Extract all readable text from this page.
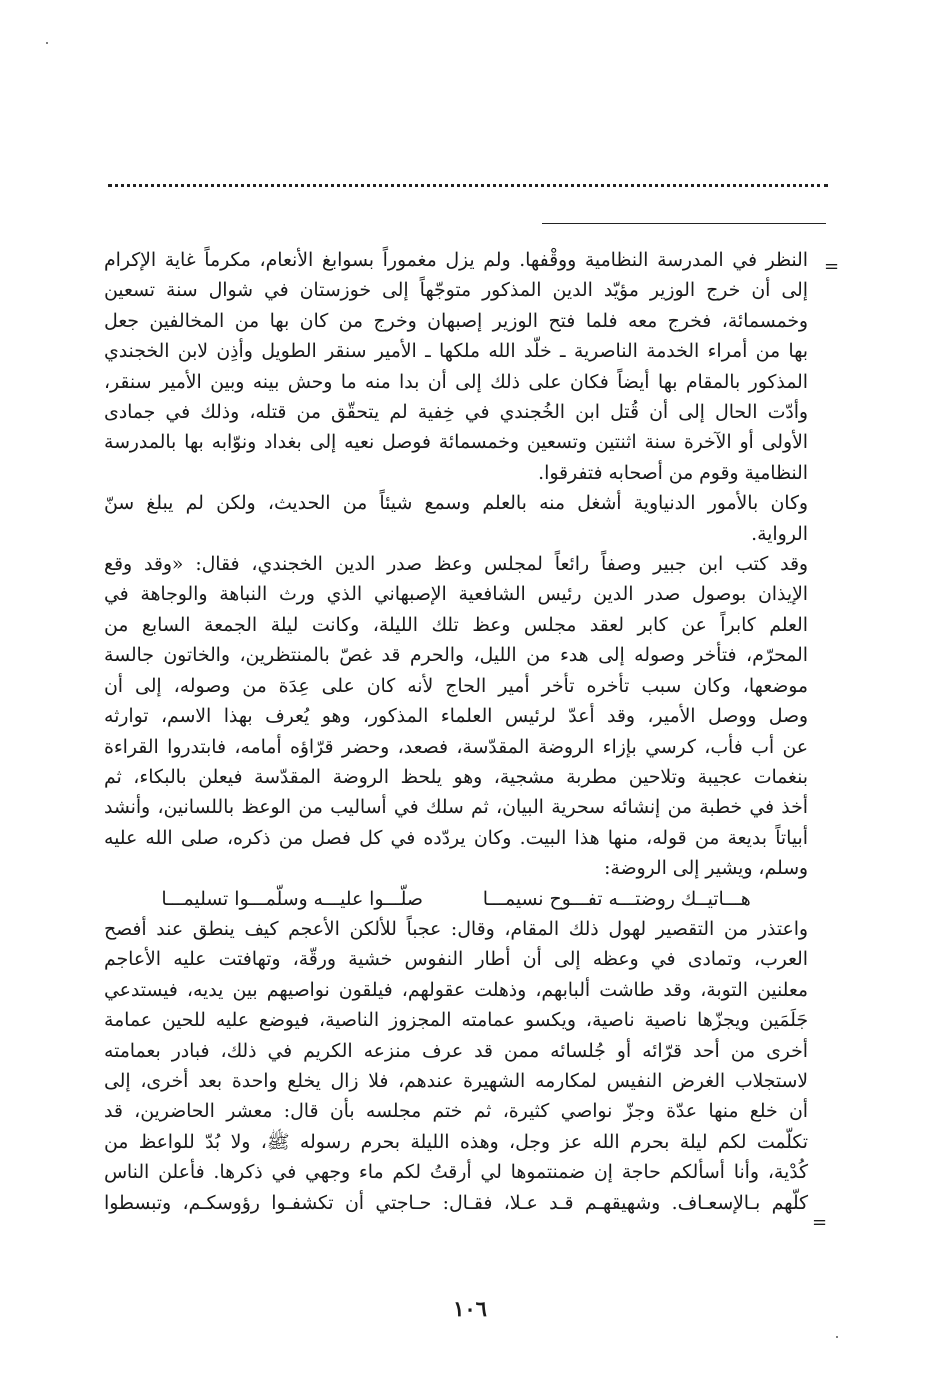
=

النظر في المدرسة النظامية ووقْفها. ولم يزل مغموراً بسوابغ الأنعام، مكرماً غاية الإكرام
إلى أن خرج الوزير مؤيّد الدين المذكور متوجّهاً إلى خوزستان في شوال سنة تسعين
وخمسمائة، فخرج معه فلما فتح الوزير إصبهان وخرج من كان بها من المخالفين جعل
بها من أمراء الخدمة الناصرية ـ خلّد الله ملكها ـ الأمير سنقر الطويل وأذِن لابن الخجندي
المذكور بالمقام بها أيضاً فكان على ذلك إلى أن بدا منه ما وحش بينه وبين الأمير سنقر،
وأدّت الحال إلى أن قُتل ابن الخُجندي في خِفية لم يتحقّق من قتله، وذلك في جمادى
الأولى أو الآخرة سنة اثنتين وتسعين وخمسمائة فوصل نعيه إلى بغداد ونوّابه بها بالمدرسة
النظامية وقوم من أصحابه فتفرقوا.

وكان بالأمور الدنياوية أشغل منه بالعلم وسمع شيئاً من الحديث، ولكن لم يبلغ سنّ
الرواية.

وقد كتب ابن جبير وصفاً رائعاً لمجلس وعظ صدر الدين الخجندي، فقال: «وقد وقع
الإيذان بوصول صدر الدين رئيس الشافعية الإصبهاني الذي ورث النباهة والوجاهة في
العلم كابراً عن كابر لعقد مجلس وعظ تلك الليلة، وكانت ليلة الجمعة السابع من
المحرّم، فتأخر وصوله إلى هدء من الليل، والحرم قد غصّ بالمنتظرين، والخاتون جالسة
موضعها، وكان سبب تأخره تأخر أمير الحاج لأنه كان على عِدَة من وصوله، إلى أن
وصل ووصل الأمير، وقد أعدّ لرئيس العلماء المذكور، وهو يُعرف بهذا الاسم، توارثه
عن أب فأب، كرسي بإزاء الروضة المقدّسة، فصعد، وحضر قرّاؤه أمامه، فابتدروا القراءة
بنغمات عجيبة وتلاحين مطربة مشجية، وهو يلحظ الروضة المقدّسة فيعلن بالبكاء، ثم
أخذ في خطبة من إنشائه سحرية البيان، ثم سلك في أساليب من الوعظ باللسانين، وأنشد
أبياتاً بديعة من قوله، منها هذا البيت. وكان يردّده في كل فصل من ذكره، صلى الله عليه
وسلم، ويشير إلى الروضة:

هـــاتيــك روضتـــه تفـــوح نسيمـــا
صلّـــوا عليـــه وسلّمـــوا تسليمـــا

واعتذر من التقصير لهول ذلك المقام، وقال: عجباً للألكن الأعجم كيف ينطق عند أفصح
العرب، وتمادى في وعظه إلى أن أطار النفوس خشية ورقّة، وتهافتت عليه الأعاجم
معلنين التوبة، وقد طاشت ألبابهم، وذهلت عقولهم، فيلقون نواصيهم بين يديه، فيستدعي
جَلَمَين ويجزّها ناصية ناصية، ويكسو عمامته المجزوز الناصية، فيوضع عليه للحين عمامة
أخرى من أحد قرّائه أو جُلسائه ممن قد عرف منزعه الكريم في ذلك، فبادر بعمامته
لاستجلاب الغرض النفيس لمكارمه الشهيرة عندهم، فلا زال يخلع واحدة بعد أخرى، إلى
أن خلع منها عدّة وجزّ نواصي كثيرة، ثم ختم مجلسه بأن قال: معشر الحاضرين، قد
تكلّمت لكم ليلة بحرم الله عز وجل، وهذه الليلة بحرم رسوله ﷺ، ولا بُدّ للواعظ من
كُدْية، وأنا أسألكم حاجة إن ضمنتموها لي أرقتُ لكم ماء وجهي في ذكرها. فأعلن الناس
كلّهم بـالإسعـاف. وشهيقهـم قـد عـلا، فقـال: حـاجتي أن تكشفـوا رؤوسكـم، وتبسطوا

=
١٠٦
